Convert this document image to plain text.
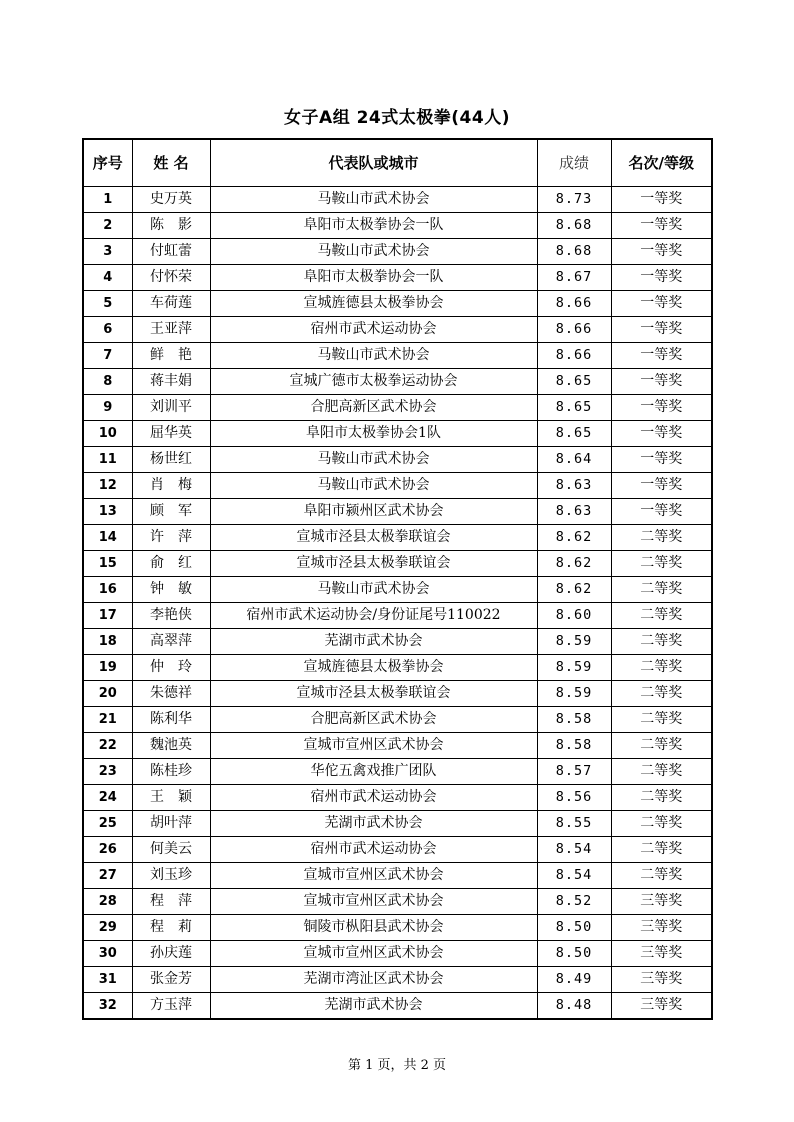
女子A组 24式太极拳(44人)
序号	姓 名	代表队或城市	成绩	名次/等级
1	史万英	马鞍山市武术协会	8.73	一等奖
2	陈　影	阜阳市太极拳协会一队	8.68	一等奖
3	付虹蕾	马鞍山市武术协会	8.68	一等奖
4	付怀荣	阜阳市太极拳协会一队	8.67	一等奖
5	车荷莲	宣城旌德县太极拳协会	8.66	一等奖
6	王亚萍	宿州市武术运动协会	8.66	一等奖
7	鲜　艳	马鞍山市武术协会	8.66	一等奖
8	蒋丰娟	宣城广德市太极拳运动协会	8.65	一等奖
9	刘训平	合肥高新区武术协会	8.65	一等奖
10	屈华英	阜阳市太极拳协会1队	8.65	一等奖
11	杨世红	马鞍山市武术协会	8.64	一等奖
12	肖　梅	马鞍山市武术协会	8.63	一等奖
13	顾　军	阜阳市颍州区武术协会	8.63	一等奖
14	许　萍	宣城市泾县太极拳联谊会	8.62	二等奖
15	俞　红	宣城市泾县太极拳联谊会	8.62	二等奖
16	钟　敏	马鞍山市武术协会	8.62	二等奖
17	李艳侠	宿州市武术运动协会/身份证尾号110022	8.60	二等奖
18	高翠萍	芜湖市武术协会	8.59	二等奖
19	仲　玲	宣城旌德县太极拳协会	8.59	二等奖
20	朱德祥	宣城市泾县太极拳联谊会	8.59	二等奖
21	陈利华	合肥高新区武术协会	8.58	二等奖
22	魏池英	宣城市宣州区武术协会	8.58	二等奖
23	陈桂珍	华佗五禽戏推广团队	8.57	二等奖
24	王　颖	宿州市武术运动协会	8.56	二等奖
25	胡叶萍	芜湖市武术协会	8.55	二等奖
26	何美云	宿州市武术运动协会	8.54	二等奖
27	刘玉珍	宣城市宣州区武术协会	8.54	二等奖
28	程　萍	宣城市宣州区武术协会	8.52	三等奖
29	程　莉	铜陵市枞阳县武术协会	8.50	三等奖
30	孙庆莲	宣城市宣州区武术协会	8.50	三等奖
31	张金芳	芜湖市湾沚区武术协会	8.49	三等奖
32	方玉萍	芜湖市武术协会	8.48	三等奖
第 1 页，共 2 页
